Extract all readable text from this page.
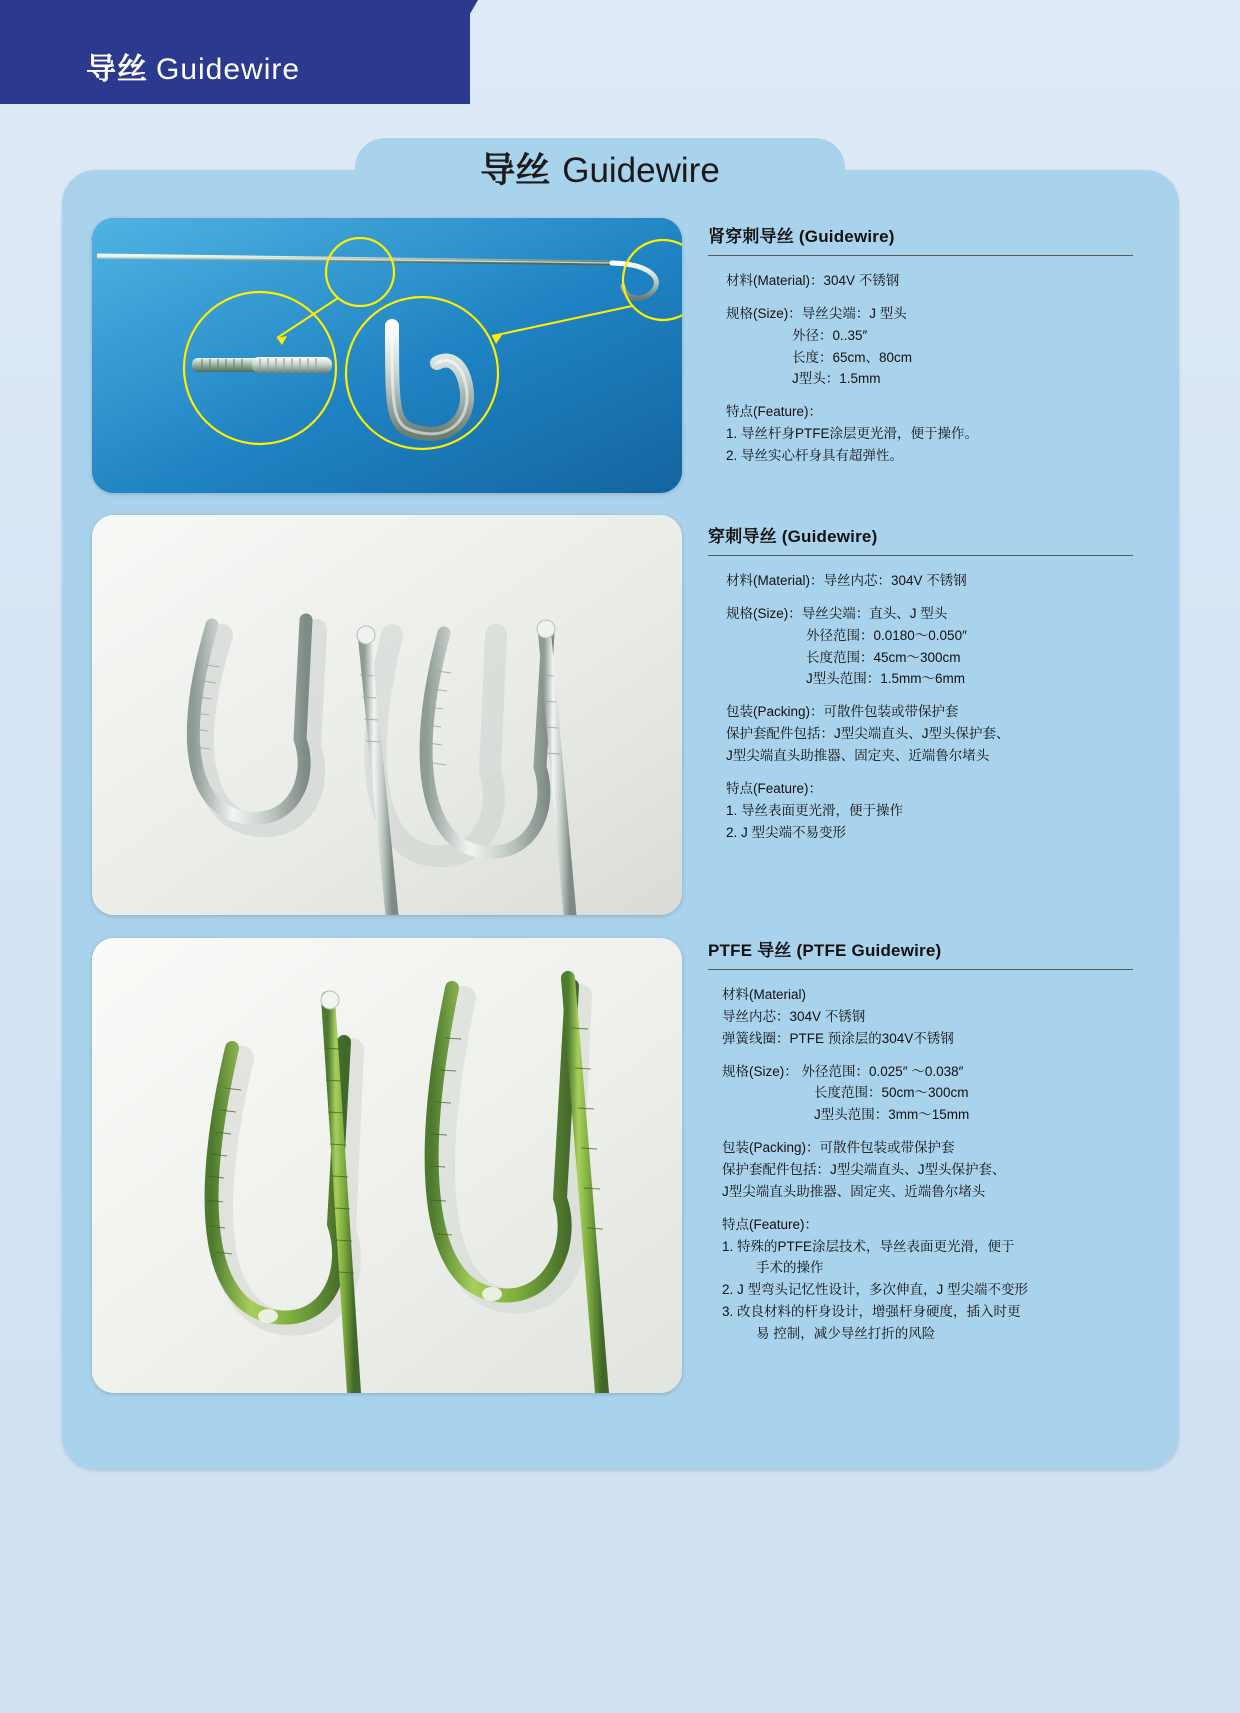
导丝 Guidewire
导丝 Guidewire
肾穿刺导丝 (Guidewire)
材料(Material)：304V 不锈钢
规格(Size)：导丝尖端：J 型头
外径：0..35″
长度：65cm、80cm
J型头：1.5mm
特点(Feature)：
1. 导丝杆身PTFE涂层更光滑，便于操作。
2. 导丝实心杆身具有超弹性。
穿刺导丝 (Guidewire)
材料(Material)：导丝内芯：304V 不锈钢
规格(Size)：导丝尖端：直头、J 型头
外径范围：0.0180～0.050″
长度范围：45cm～300cm
J型头范围：1.5mm～6mm
包装(Packing)：可散件包装或带保护套
保护套配件包括：J型尖端直头、J型头保护套、
J型尖端直头助推器、固定夹、近端鲁尔堵头
特点(Feature)：
1. 导丝表面更光滑，便于操作
2. J 型尖端不易变形
PTFE 导丝 (PTFE Guidewire)
材料(Material)
导丝内芯：304V 不锈钢
弹簧线圈：PTFE 预涂层的304V不锈钢
规格(Size)： 外径范围：0.025″ ～0.038″
长度范围：50cm～300cm
J型头范围：3mm～15mm
包装(Packing)：可散件包装或带保护套
保护套配件包括：J型尖端直头、J型头保护套、
J型尖端直头助推器、固定夹、近端鲁尔堵头
特点(Feature)：
1. 特殊的PTFE涂层技术，导丝表面更光滑，便于
手术的操作
2. J 型弯头记忆性设计，多次伸直，J 型尖端不变形
3. 改良材料的杆身设计，增强杆身硬度，插入时更
易 控制，减少导丝打折的风险
